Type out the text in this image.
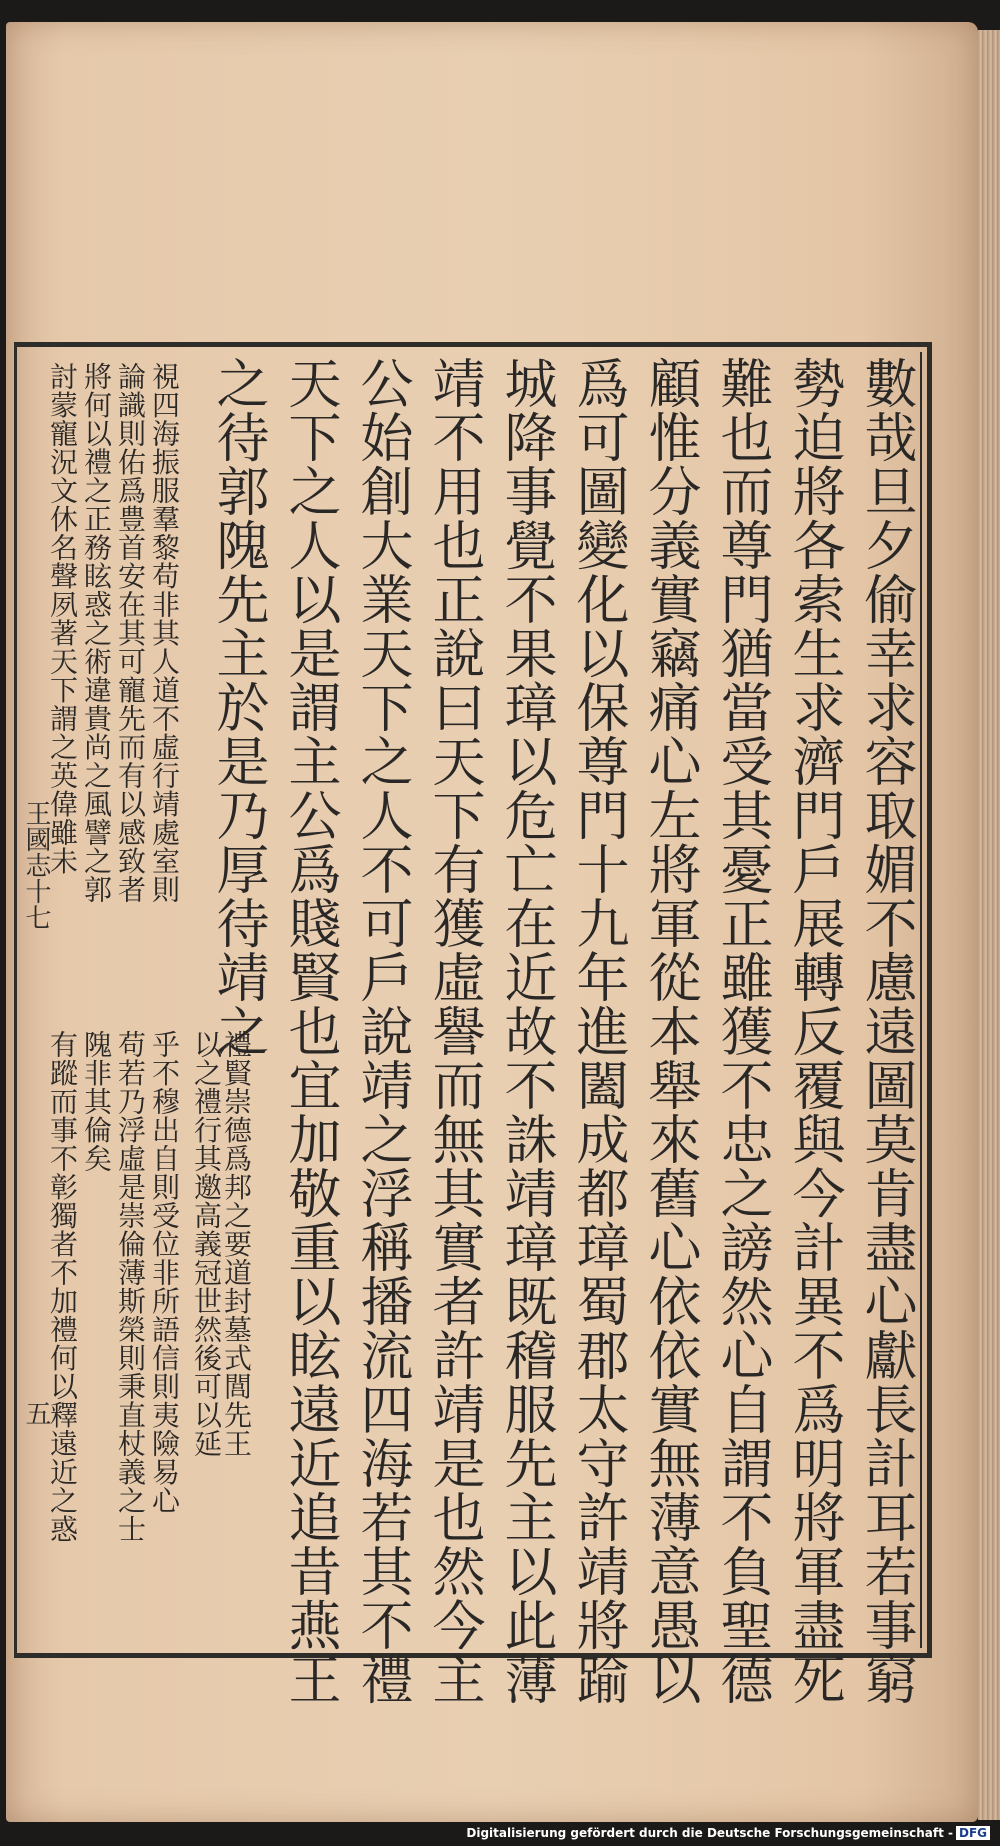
數哉旦夕偷幸求容取媚不慮遠圖莫肯盡心獻長計耳若事窮
勢迫將各索生求濟門戶展轉反覆與今計異不爲明將軍盡死
難也而尊門猶當受其憂正雖獲不忠之謗然心自謂不負聖德
顧惟分義實竊痛心左將軍從本舉來舊心依依實無薄意愚以
爲可圖變化以保尊門十九年進闔成都璋蜀郡太守許靖將踰
城降事覺不果璋以危亡在近故不誅靖璋既稽服先主以此薄
靖不用也正說曰天下有獲虛譽而無其實者許靖是也然今主
公始創大業天下之人不可戶說靖之浮稱播流四海若其不禮
天下之人以是謂主公爲賤賢也宜加敬重以眩遠近追昔燕王
之待郭隗先主於是乃厚待靖之
視四海振服羣黎苟非其人道不虛行靖處室則
論識則佑爲豊首安在其可寵先而有以感致者
將何以禮之正務眩惑之術違貴尚之風譬之郭
討蒙寵況文休名聲夙著天下謂之英偉雖未
禮賢崇德爲邦之要道封墓式閭先王
以之禮行其邀高義冠世然後可以延
乎不穆出自則受位非所語信則夷險易心
苟若乃浮虛是崇倫薄斯榮則秉直杖義之士
隗非其倫矣
有蹤而事不彰獨者不加禮何以釋遠近之惑
王國志十七
五
Digitalisierung gefördert durch die Deutsche Forschungsgemeinschaft - DFG
